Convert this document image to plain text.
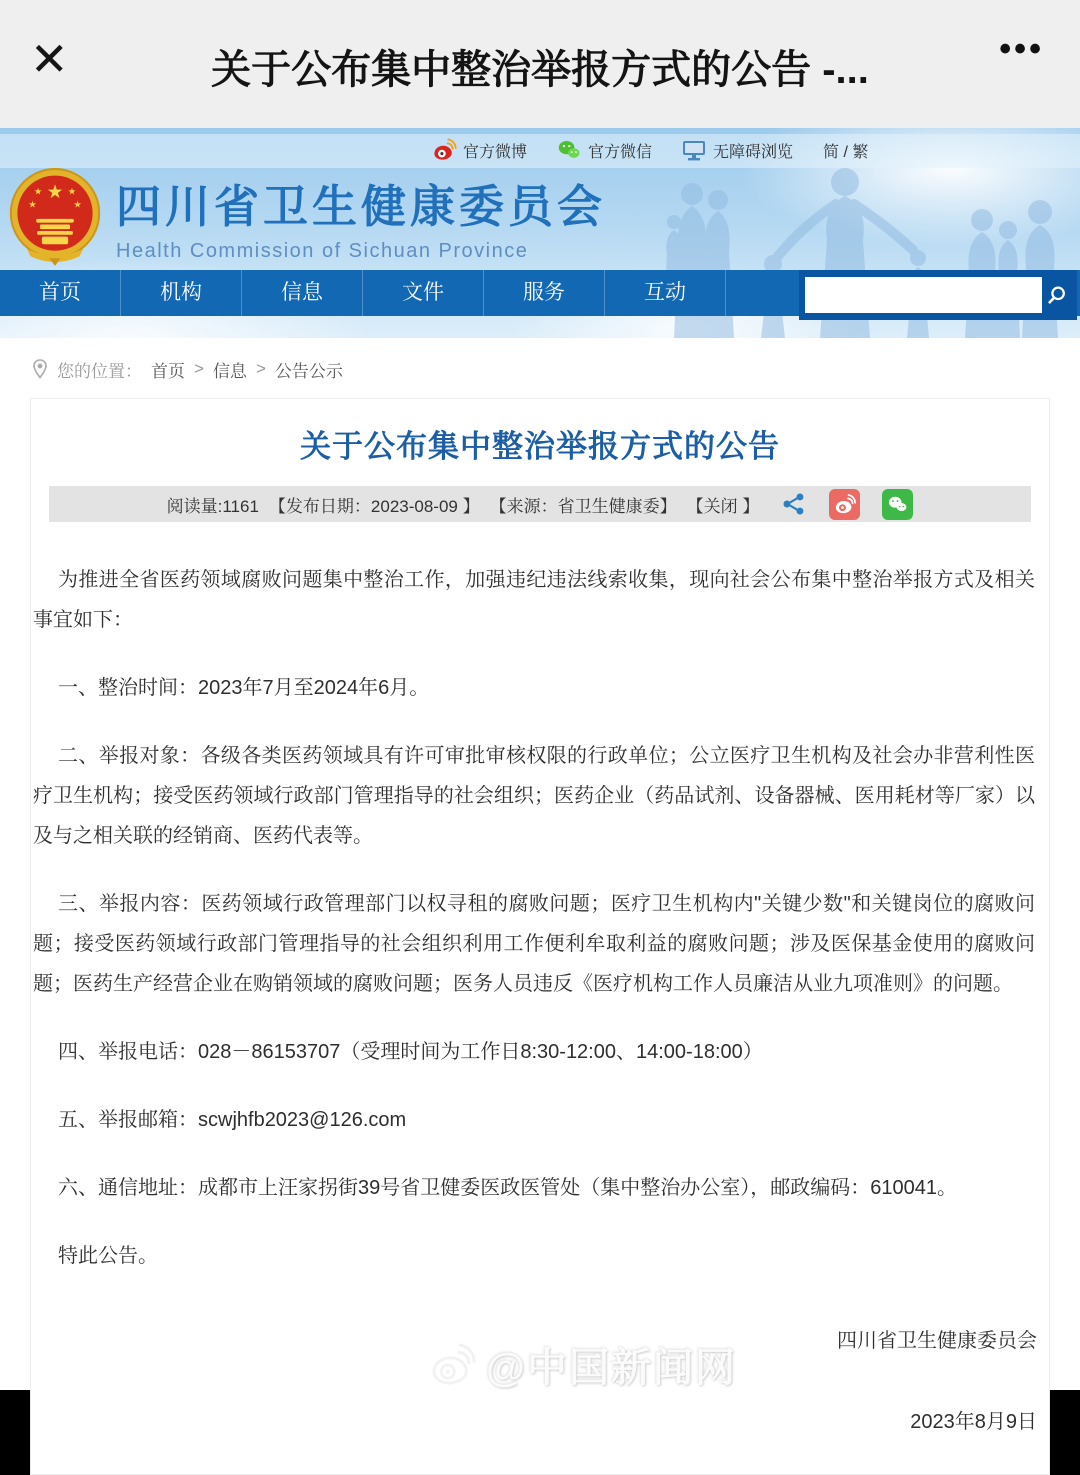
✕	关于公布集中整治举报方式的公告 -...	•••
官方微博	官方微信	无障碍浏览 简 / 繁
★
★	★
★	★ 四川省卫生健康委员会
Health Commission of Sichuan Province
首页	机构	信息	文件	服务	互动
您的位置： 首页 > 信息 > 公告公示
关于公布集中整治举报方式的公告
阅读量:1161 【发布日期：2023-08-09 】 【来源：省卫生健康委】 【关闭 】

为推进全省医药领域腐败问题集中整治工作，加强违纪违法线索收集，现向社会公布集中整治举报方式及相关事宜如下：

一、整治时间：2023年7月至2024年6月。

二、举报对象：各级各类医药领域具有许可审批审核权限的行政单位；公立医疗卫生机构及社会办非营利性医疗卫生机构；接受医药领域行政部门管理指导的社会组织；医药企业（药品试剂、设备器械、医用耗材等厂家）以及与之相关联的经销商、医药代表等。

三、举报内容：医药领域行政管理部门以权寻租的腐败问题；医疗卫生机构内"关键少数"和关键岗位的腐败问题；接受医药领域行政部门管理指导的社会组织利用工作便利牟取利益的腐败问题；涉及医保基金使用的腐败问题；医药生产经营企业在购销领域的腐败问题；医务人员违反《医疗机构工作人员廉洁从业九项准则》的问题。

四、举报电话：028－86153707（受理时间为工作日8:30-12:00、14:00-18:00）

五、举报邮箱：scwjhfb2023@126.com

六、通信地址：成都市上汪家拐街39号省卫健委医政医管处（集中整治办公室），邮政编码：610041。

特此公告。

四川省卫生健康委员会
2023年8月9日
@中国新闻网
